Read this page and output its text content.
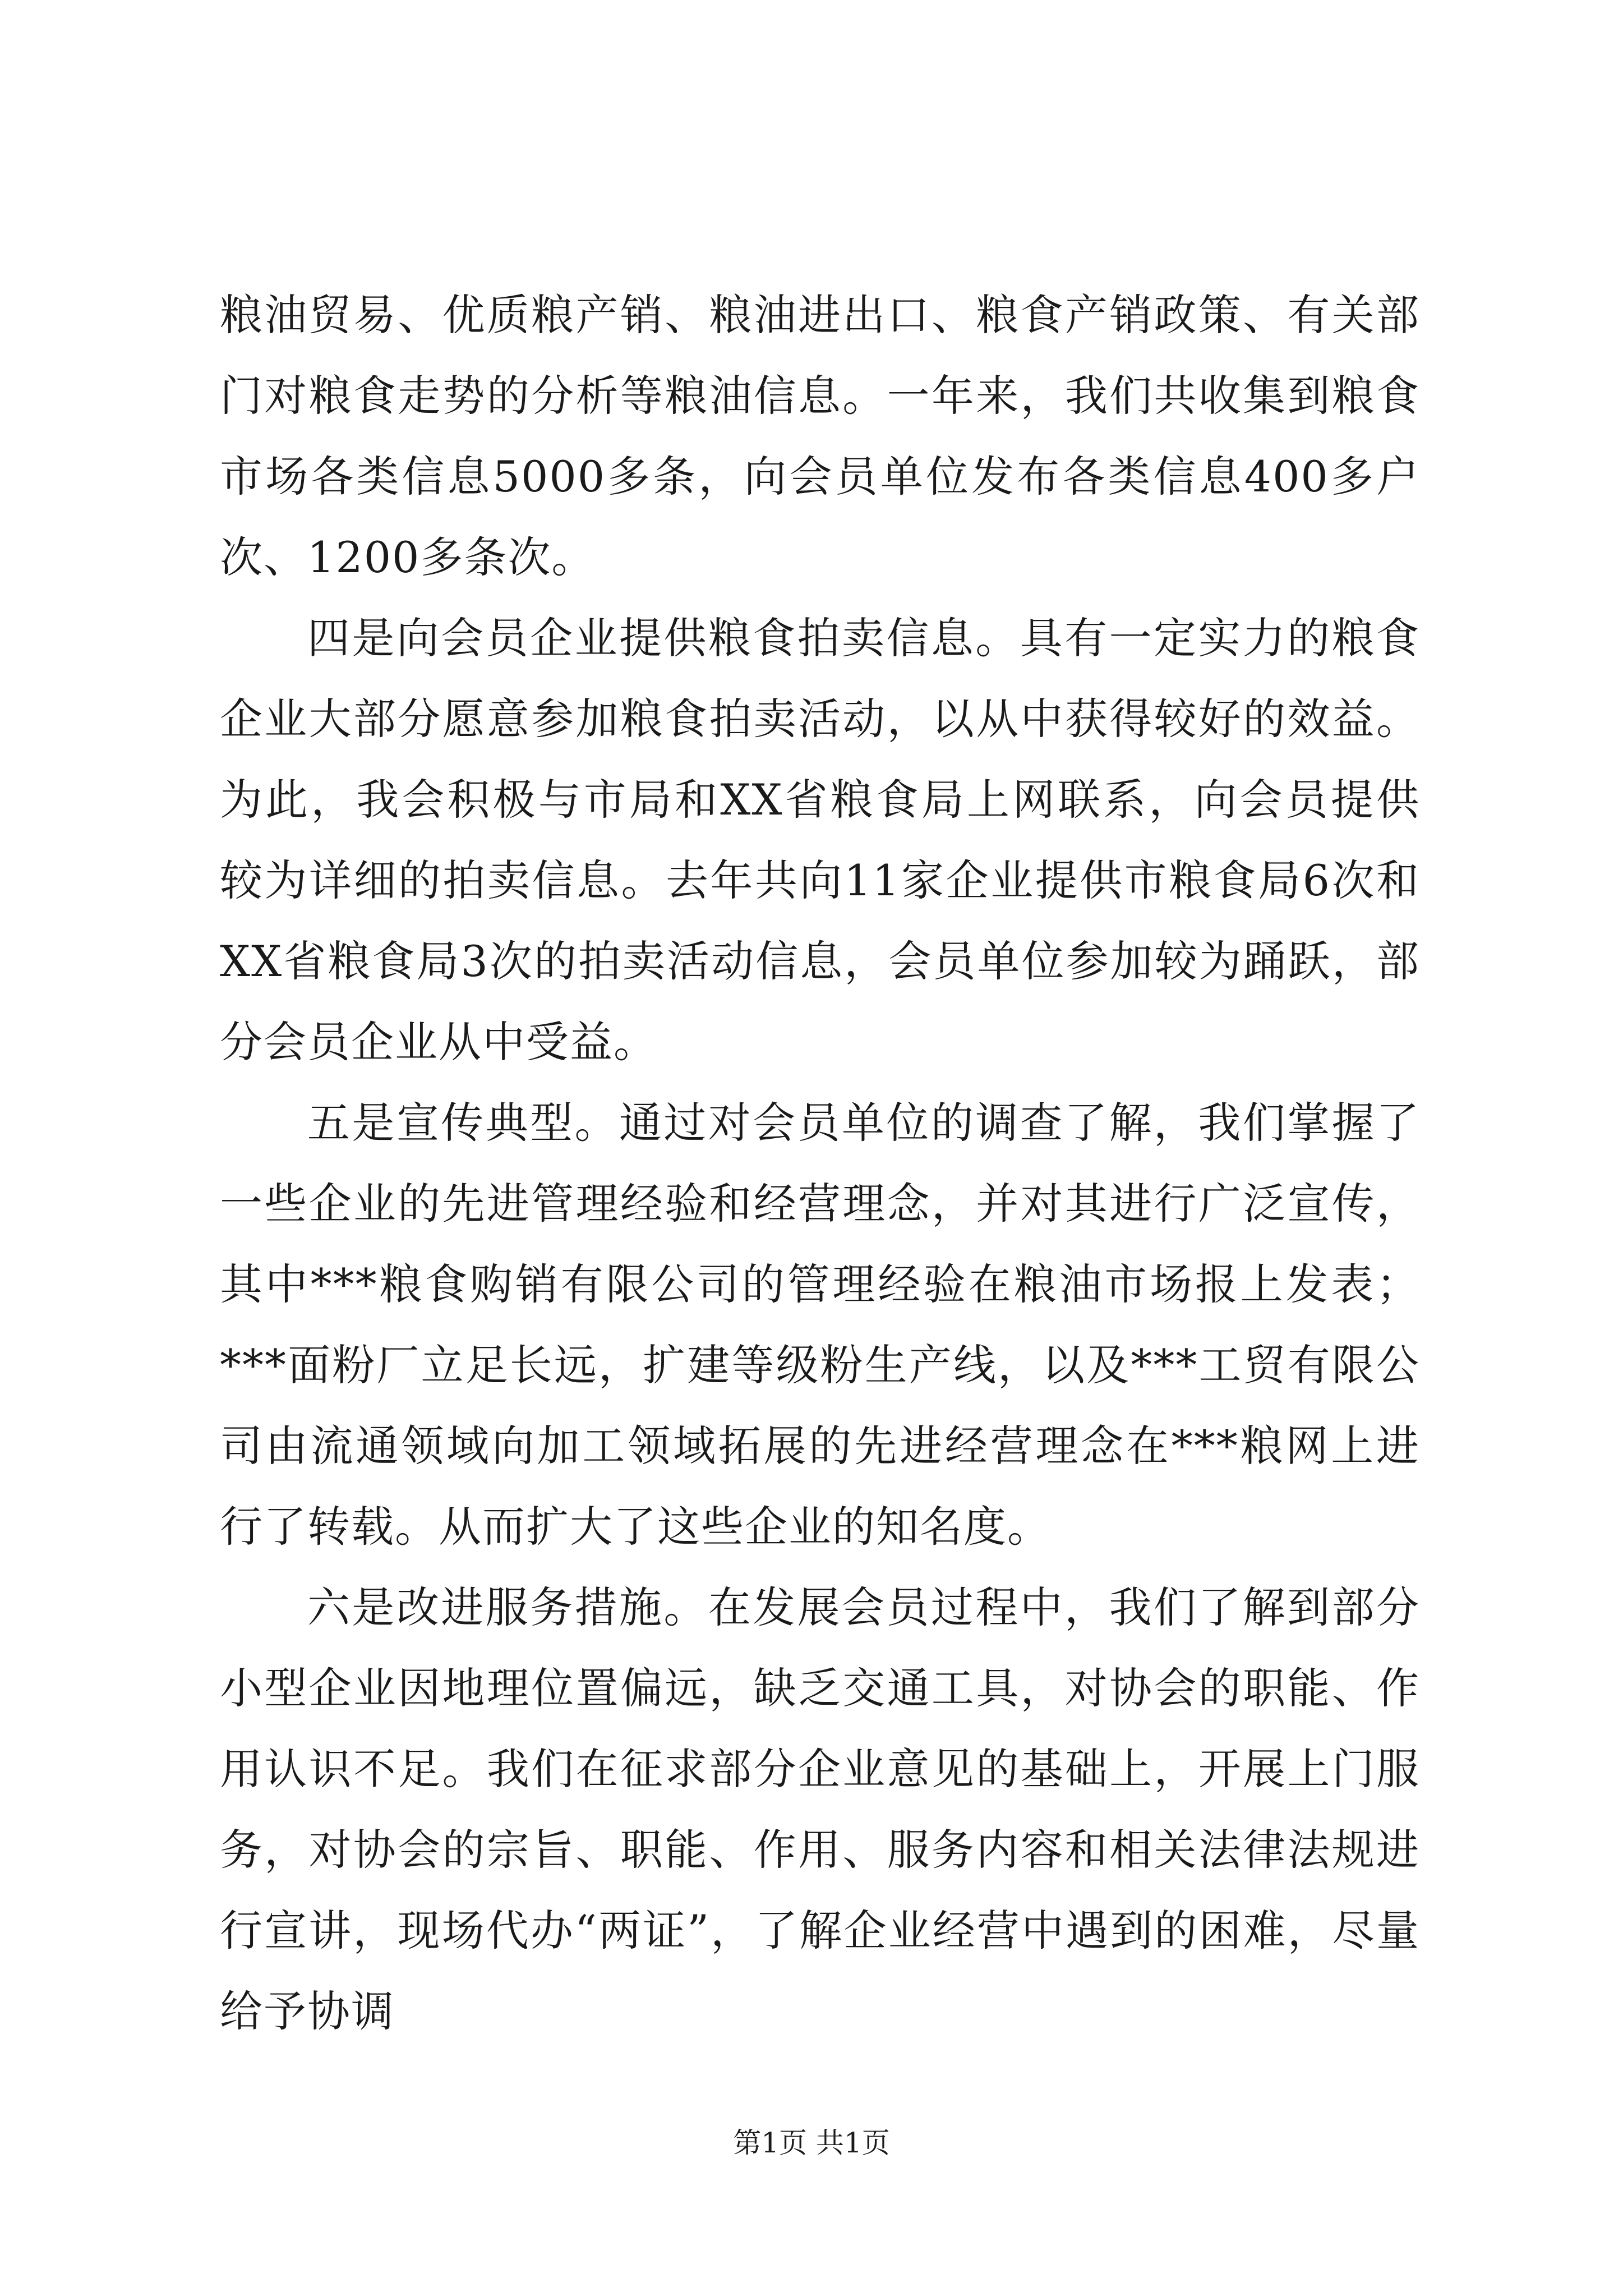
粮油贸易、优质粮产销、粮油进出口、粮食产销政策、有关部门对粮食走势的分析等粮油信息。一年来，我们共收集到粮食市场各类信息5000多条，向会员单位发布各类信息400多户次、1200多条次。

四是向会员企业提供粮食拍卖信息。具有一定实力的粮食企业大部分愿意参加粮食拍卖活动，以从中获得较好的效益。为此，我会积极与市局和XX省粮食局上网联系，向会员提供较为详细的拍卖信息。去年共向11家企业提供市粮食局6次和XX省粮食局3次的拍卖活动信息，会员单位参加较为踊跃，部分会员企业从中受益。

五是宣传典型。通过对会员单位的调查了解，我们掌握了一些企业的先进管理经验和经营理念，并对其进行广泛宣传，其中***粮食购销有限公司的管理经验在粮油市场报上发表；***面粉厂立足长远，扩建等级粉生产线，以及***工贸有限公司由流通领域向加工领域拓展的先进经营理念在***粮网上进行了转载。从而扩大了这些企业的知名度。

六是改进服务措施。在发展会员过程中，我们了解到部分小型企业因地理位置偏远，缺乏交通工具，对协会的职能、作用认识不足。我们在征求部分企业意见的基础上，开展上门服务，对协会的宗旨、职能、作用、服务内容和相关法律法规进行宣讲，现场代办“两证”，了解企业经营中遇到的困难，尽量给予协调

第1页 共1页
